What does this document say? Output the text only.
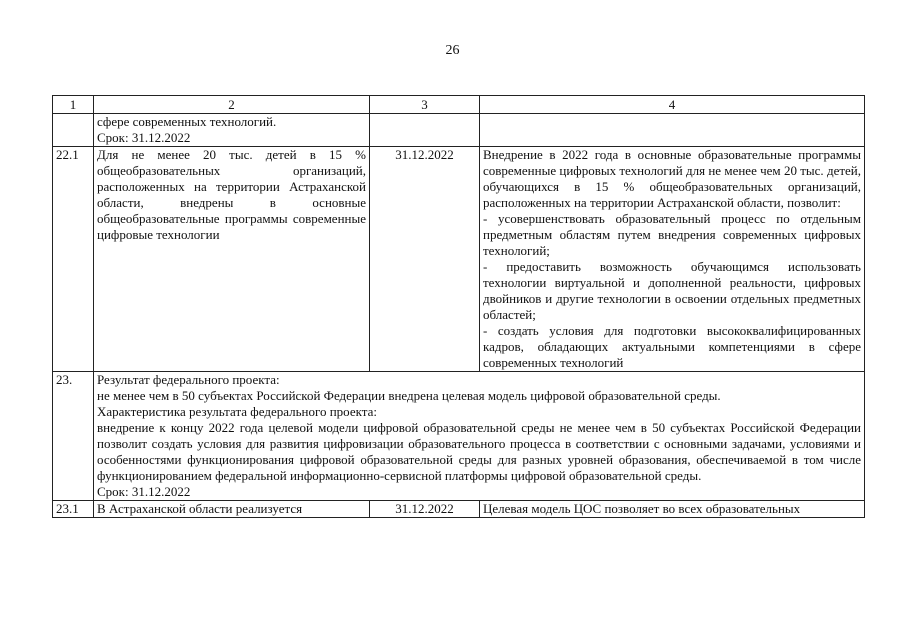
26
1	2	3	4

	сфере современных технологий.
Срок: 31.12.2022		

22.1	Для не менее 20 тыс. детей в 15 % общеобразовательных организаций, расположенных на территории Астраханской области, внедрены в основные общеобразовательные программы современные цифровые технологии	31.12.2022	Внедрение в 2022 года в основные образовательные программы современные цифровых технологий для не менее чем 20 тыс. детей, обучающихся в 15 % общеобразовательных организаций, расположенных на территории Астраханской области, позволит:
- усовершенствовать образовательный процесс по отдельным предметным областям путем внедрения современных цифровых технологий;
- предоставить возможность обучающимся использовать технологии виртуальной и дополненной реальности, цифровых двойников и другие технологии в освоении отдельных предметных областей;
- создать условия для подготовки высококвалифицированных кадров, обладающих актуальными компетенциями в сфере современных технологий

23.	Результат федерального проекта:
не менее чем в 50 субъектах Российской Федерации внедрена целевая модель цифровой образовательной среды.
Характеристика результата федерального проекта:
внедрение к концу 2022 года целевой модели цифровой образовательной среды не менее чем в 50 субъектах Российской Федерации позволит создать условия для развития цифровизации образовательного процесса в соответствии с основными задачами, условиями и особенностями функционирования цифровой образовательной среды для разных уровней образования, обеспечиваемой в том числе функционированием федеральной информационно-сервисной платформы цифровой образовательной среды.
Срок: 31.12.2022		

23.1	В Астраханской области реализуется	31.12.2022	Целевая модель ЦОС позволяет во всех образовательных
